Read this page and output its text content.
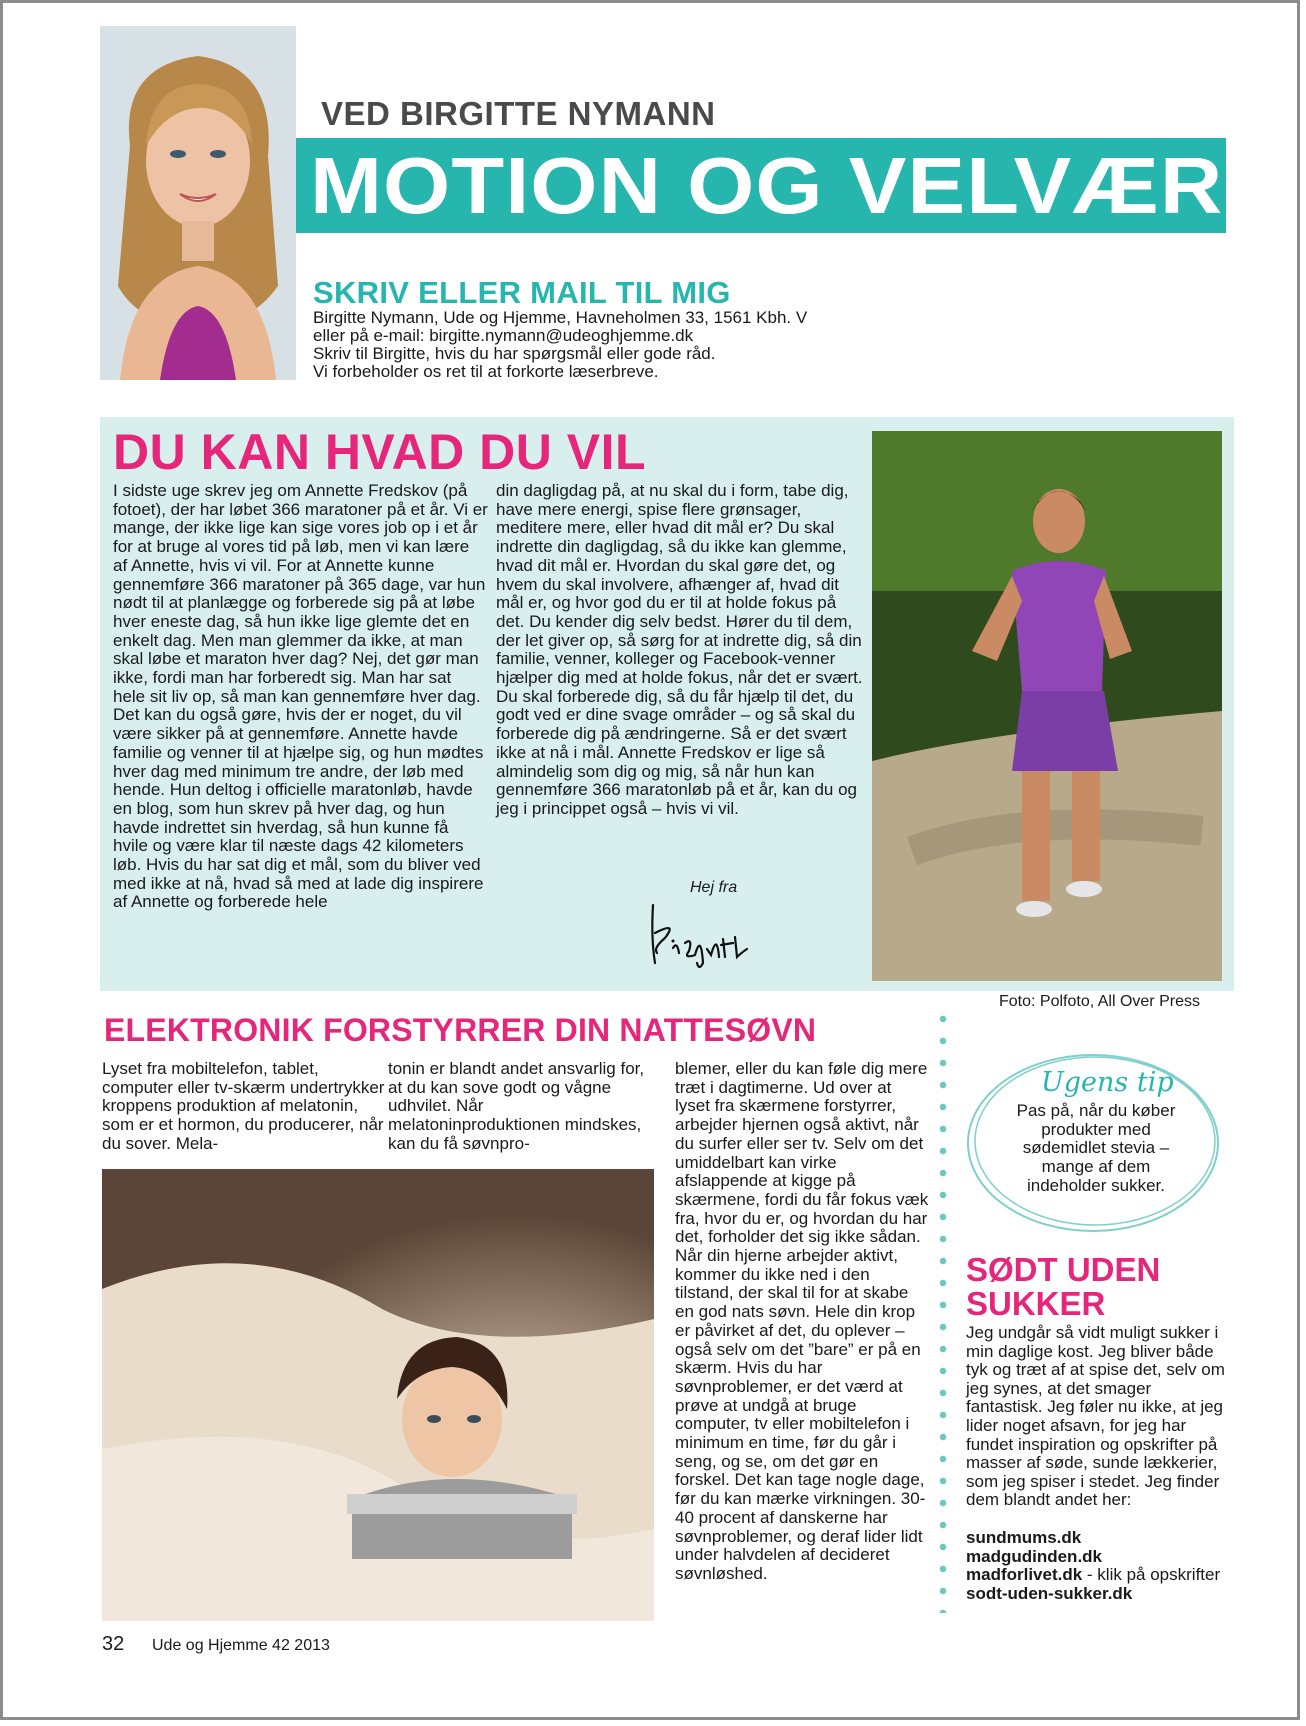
VED BIRGITTE NYMANN
MOTION OG VELVÆRE
SKRIV ELLER MAIL TIL MIG
Birgitte Nymann, Ude og Hjemme, Havneholmen 33, 1561 Kbh. V
eller på e-mail: birgitte.nymann@udeoghjemme.dk
Skriv til Birgitte, hvis du har spørgsmål eller gode råd.
Vi forbeholder os ret til at forkorte læserbreve.
DU KAN HVAD DU VIL

I sidste uge skrev jeg om Annette Fredskov (på fotoet), der har løbet 366 maratoner på et år. Vi er mange, der ikke lige kan sige vores job op i et år for at bruge al vores tid på løb, men vi kan lære af Annette, hvis vi vil. For at Annette kunne gennemføre 366 maratoner på 365 dage, var hun nødt til at planlægge og forberede sig på at løbe hver eneste dag, så hun ikke lige glemte det en enkelt dag. Men man glemmer da ikke, at man skal løbe et maraton hver dag? Nej, det gør man ikke, fordi man har forberedt sig. Man har sat hele sit liv op, så man kan gennemføre hver dag. Det kan du også gøre, hvis der er noget, du vil være sikker på at gennemføre. Annette havde familie og venner til at hjælpe sig, og hun mødtes hver dag med minimum tre andre, der løb med hende. Hun deltog i officielle maratonløb, havde en blog, som hun skrev på hver dag, og hun havde indrettet sin hverdag, så hun kunne få hvile og være klar til næste dags 42 kilometers løb. Hvis du har sat dig et mål, som du bliver ved med ikke at nå, hvad så med at lade dig inspirere af Annette og forberede hele

din dagligdag på, at nu skal du i form, tabe dig, have mere energi, spise flere grønsager, meditere mere, eller hvad dit mål er? Du skal indrette din dagligdag, så du ikke kan glemme, hvad dit mål er. Hvordan du skal gøre det, og hvem du skal involvere, afhænger af, hvad dit mål er, og hvor god du er til at holde fokus på det. Du kender dig selv bedst. Hører du til dem, der let giver op, så sørg for at indrette dig, så din familie, venner, kolleger og Facebook-venner hjælper dig med at holde fokus, når det er svært. Du skal forberede dig, så du får hjælp til det, du godt ved er dine svage områder – og så skal du forberede dig på ændringerne. Så er det svært ikke at nå i mål. Annette Fredskov er lige så almindelig som dig og mig, så når hun kan gennemføre 366 maratonløb på et år, kan du og jeg i princippet også – hvis vi vil.

Hej fra
Foto: Polfoto, All Over Press
ELEKTRONIK FORSTYRRER DIN NATTESØVN

Lyset fra mobiltelefon, tablet, computer eller tv-skærm undertrykker kroppens produktion af melatonin, som er et hormon, du producerer, når du sover. Mela-

tonin er blandt andet ansvarlig for, at du kan sove godt og vågne udhvilet. Når melatoninproduktionen mindskes, kan du få søvnpro-

blemer, eller du kan føle dig mere træt i dagtimerne. Ud over at lyset fra skærmene forstyrrer, arbejder hjernen også aktivt, når du surfer eller ser tv. Selv om det umiddelbart kan virke afslappende at kigge på skærmene, fordi du får fokus væk fra, hvor du er, og hvordan du har det, forholder det sig ikke sådan. Når din hjerne arbejder aktivt, kommer du ikke ned i den tilstand, der skal til for at skabe en god nats søvn. Hele din krop er påvirket af det, du oplever – også selv om det ”bare” er på en skærm. Hvis du har søvnproblemer, er det værd at prøve at undgå at bruge computer, tv eller mobiltelefon i minimum en time, før du går i seng, og se, om det gør en forskel. Det kan tage nogle dage, før du kan mærke virkningen. 30-40 procent af danskerne har søvnproblemer, og deraf lider lidt under halvdelen af decideret søvnløshed.

Ugens tip
Pas på, når du køber produkter med sødemidlet stevia – mange af dem indeholder sukker.
SØDT UDEN SUKKER
Jeg undgår så vidt muligt sukker i min daglige kost. Jeg bliver både tyk og træt af at spise det, selv om jeg synes, at det smager fantastisk. Jeg føler nu ikke, at jeg lider noget afsavn, for jeg har fundet inspiration og opskrifter på masser af søde, sunde lækkerier, som jeg spiser i stedet. Jeg finder dem blandt andet her:
sundmums.dk
madgudinden.dk
madforlivet.dk - klik på opskrifter
sodt-uden-sukker.dk
32 Ude og Hjemme 42 2013
